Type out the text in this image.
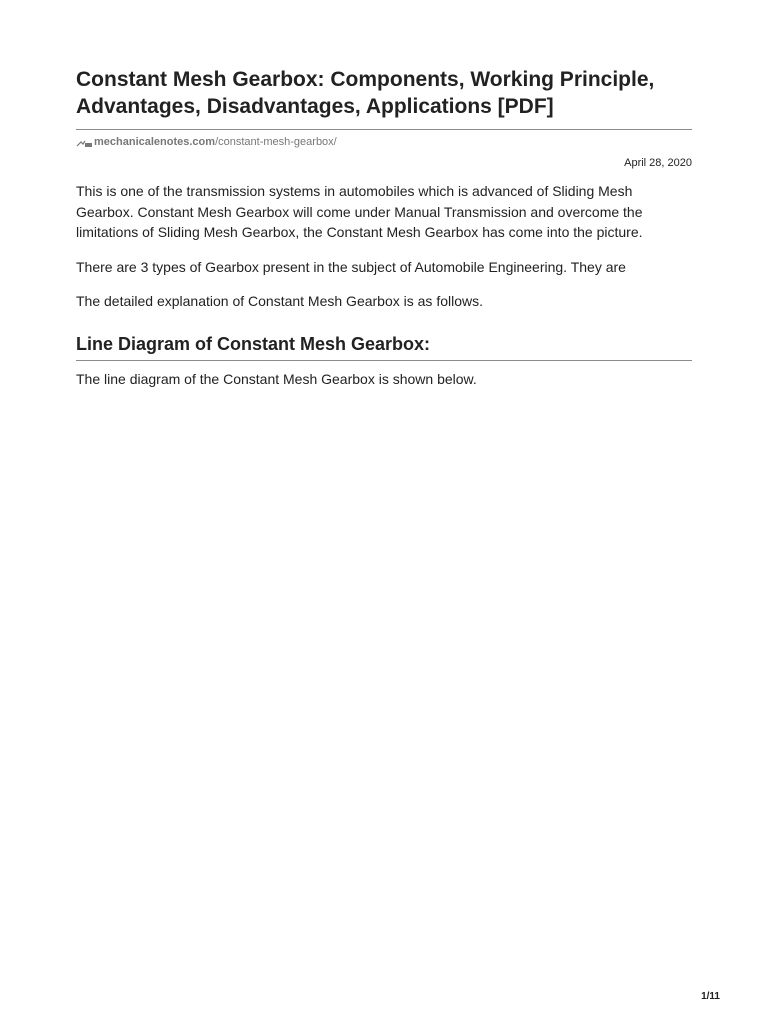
Constant Mesh Gearbox: Components, Working Principle, Advantages, Disadvantages, Applications [PDF]
mechanicalenotes.com /constant-mesh-gearbox/
April 28, 2020

This is one of the transmission systems in automobiles which is advanced of Sliding Mesh Gearbox. Constant Mesh Gearbox will come under Manual Transmission and overcome the limitations of Sliding Mesh Gearbox, the Constant Mesh Gearbox has come into the picture.

There are 3 types of Gearbox present in the subject of Automobile Engineering. They are

The detailed explanation of Constant Mesh Gearbox is as follows.

Line Diagram of Constant Mesh Gearbox:

The line diagram of the Constant Mesh Gearbox is shown below.

1/11
